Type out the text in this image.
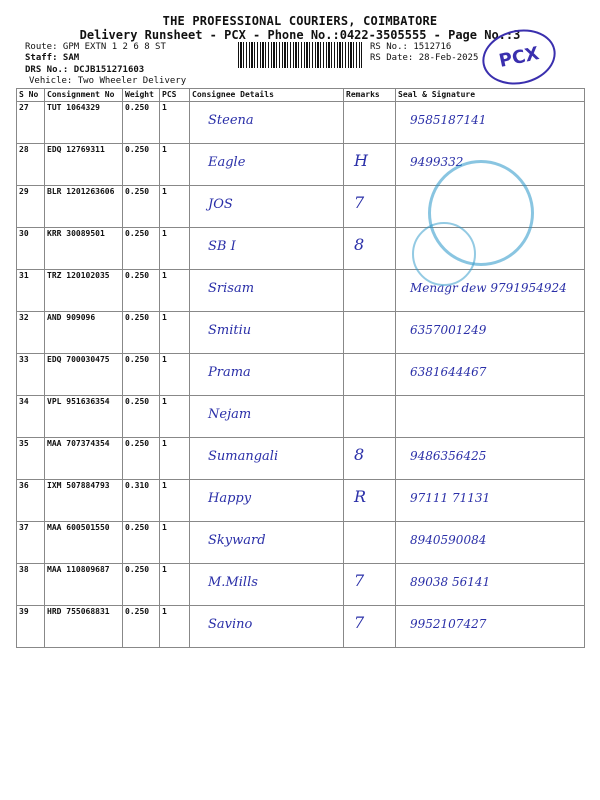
THE PROFESSIONAL COURIERS, COIMBATORE
Delivery Runsheet - PCX - Phone No.:0422-3505555 - Page No.:3
Route: GPM EXTN 1 2 6 8 ST
Staff: SAM
DRS No.: DCJB151271603
Vehicle: Two Wheeler Delivery
RS No.: 1512716
RS Date: 28-Feb-2025	PCX
S No	Consignment No	Weight	PCS	Consignee Details	Remarks	Seal & Signature
27	TUT 1064329	0.250	1	Steena		9585187141

28	EDQ 12769311	0.250	1	Eagle	H	9499332

29	BLR 1201263606	0.250	1	JOS	7	

30	KRR 30089501	0.250	1	SB I	8	

31	TRZ 120102035	0.250	1	Srisam		Menagr dew 9791954924

32	AND 909096	0.250	1	Smitiu		6357001249

33	EDQ 700030475	0.250	1	Prama		6381644467

34	VPL 951636354	0.250	1	Nejam		

35	MAA 707374354	0.250	1	Sumangali	8	9486356425

36	IXM 507884793	0.310	1	Happy	R	97111 71131

37	MAA 600501550	0.250	1	Skyward		8940590084

38	MAA 110809687	0.250	1	M.Mills	7	89038 56141

39	HRD 755068831	0.250	1	Savino	7	9952107427
